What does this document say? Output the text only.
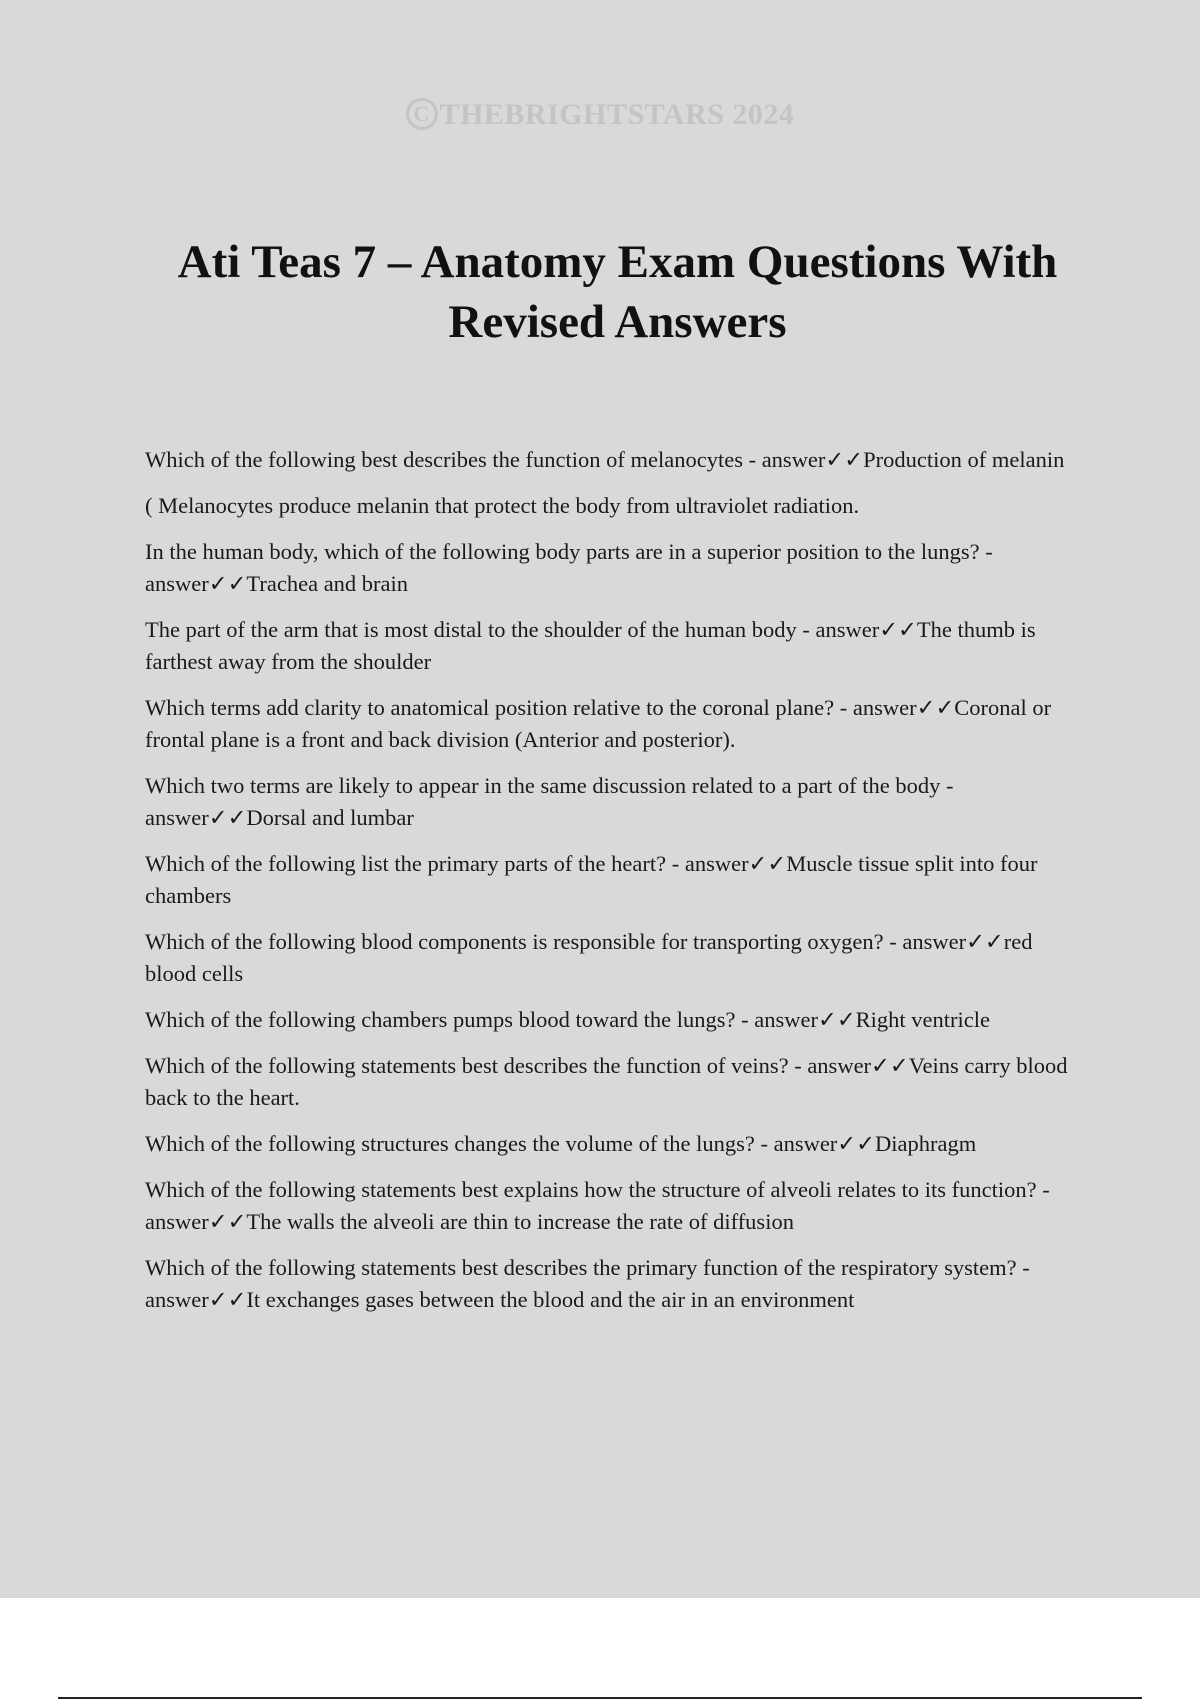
C THEBRIGHTSTARS 2024
Ati Teas 7 – Anatomy Exam Questions With Revised Answers

Which of the following best describes the function of melanocytes - answer✓✓Production of melanin

( Melanocytes produce melanin that protect the body from ultraviolet radiation.

In the human body, which of the following body parts are in a superior position to the lungs? - answer✓✓Trachea and brain

The part of the arm that is most distal to the shoulder of the human body - answer✓✓The thumb is farthest away from the shoulder

Which terms add clarity to anatomical position relative to the coronal plane? - answer✓✓Coronal or frontal plane is a front and back division (Anterior and posterior).

Which two terms are likely to appear in the same discussion related to a part of the body - answer✓✓Dorsal and lumbar

Which of the following list the primary parts of the heart? - answer✓✓Muscle tissue split into four chambers

Which of the following blood components is responsible for transporting oxygen? - answer✓✓red blood cells

Which of the following chambers pumps blood toward the lungs? - answer✓✓Right ventricle

Which of the following statements best describes the function of veins? - answer✓✓Veins carry blood back to the heart.

Which of the following structures changes the volume of the lungs? - answer✓✓Diaphragm

Which of the following statements best explains how the structure of alveoli relates to its function? - answer✓✓The walls the alveoli are thin to increase the rate of diffusion

Which of the following statements best describes the primary function of the respiratory system? - answer✓✓It exchanges gases between the blood and the air in an environment
